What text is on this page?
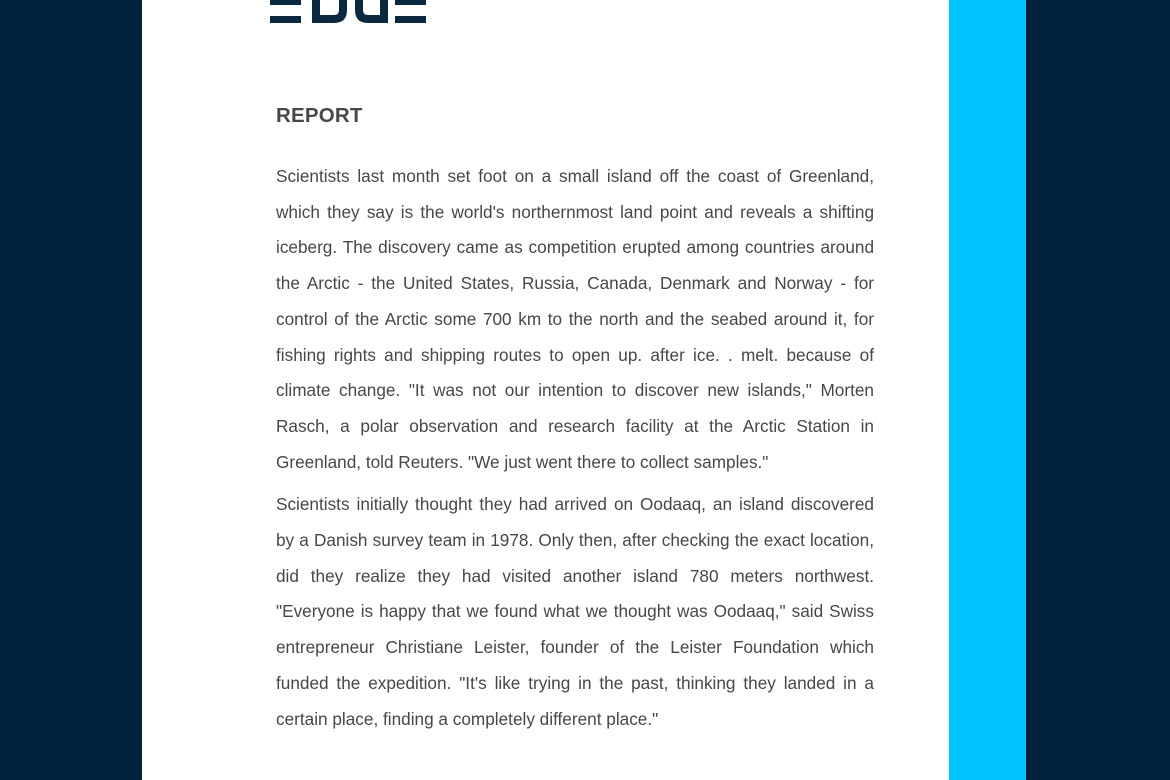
REPORT

Scientists last month set foot on a small island off the coast of Greenland, which they say is the world's northernmost land point and reveals a shifting iceberg. The discovery came as competition erupted among countries around the Arctic - the United States, Russia, Canada, Denmark and Norway - for control of the Arctic some 700 km to the north and the seabed around it, for fishing rights and shipping routes to open up. after ice. . melt. because of climate change. "It was not our intention to discover new islands," Morten Rasch, a polar observation and research facility at the Arctic Station in Greenland, told Reuters. "We just went there to collect samples."

Scientists initially thought they had arrived on Oodaaq, an island discovered by a Danish survey team in 1978. Only then, after checking the exact location, did they realize they had visited another island 780 meters northwest. "Everyone is happy that we found what we thought was Oodaaq," said Swiss entrepreneur Christiane Leister, founder of the Leister Foundation which funded the expedition. "It's like trying in the past, thinking they landed in a certain place, finding a completely different place."
